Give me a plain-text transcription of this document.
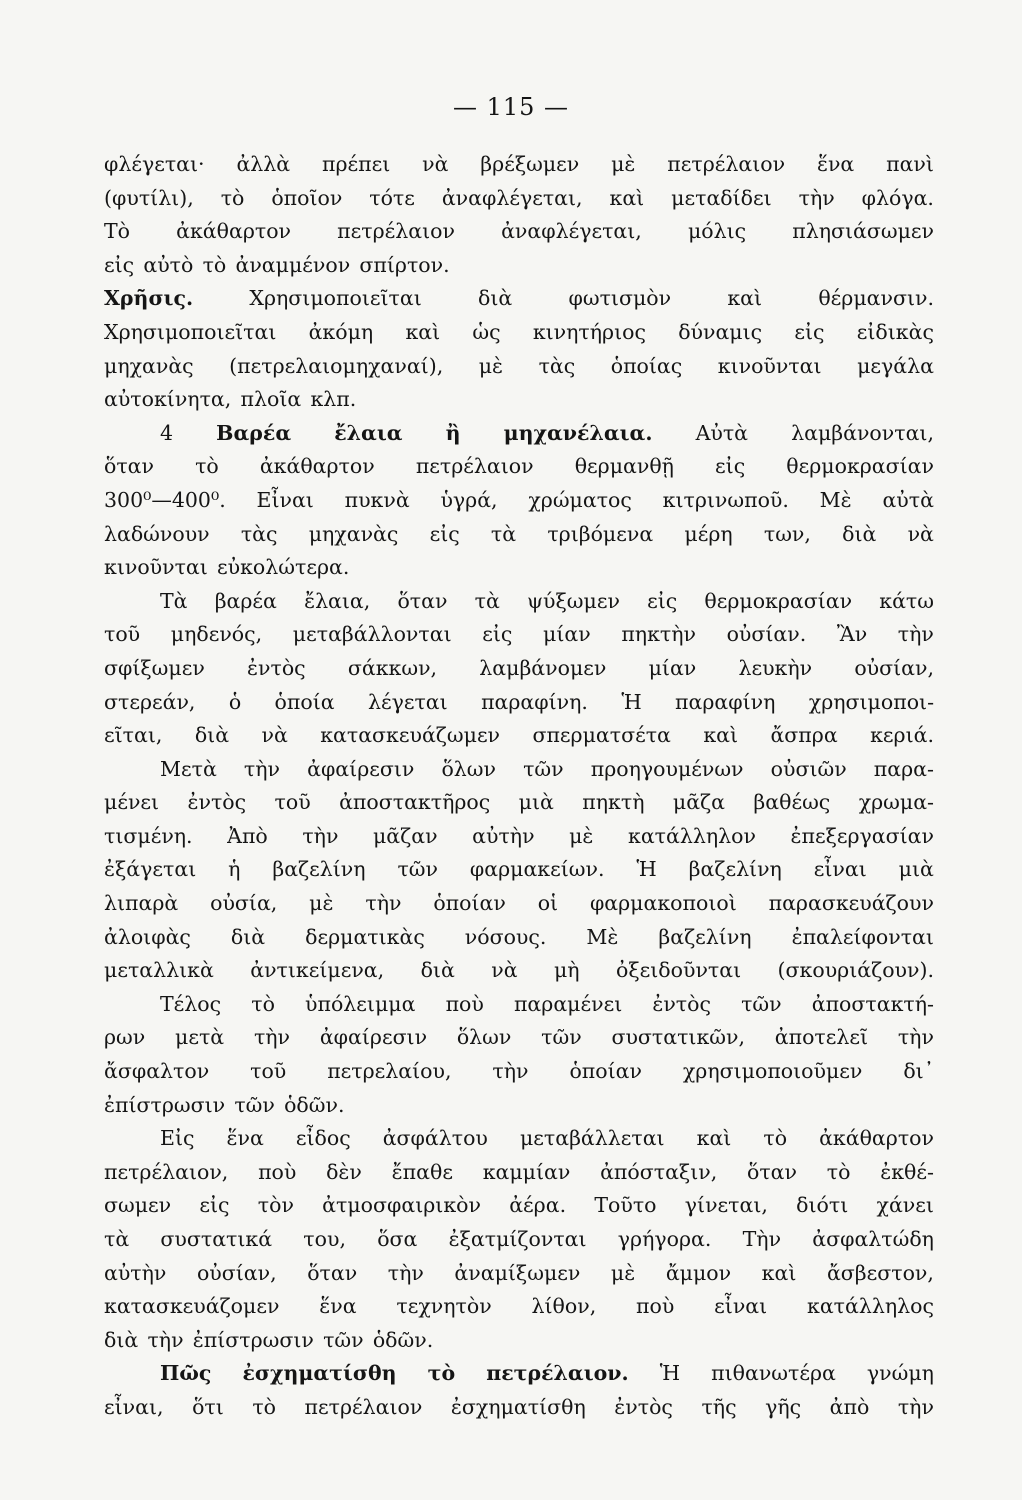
— 115 —
φλέγεται· ἀλλὰ πρέπει νὰ βρέξωμεν μὲ πετρέλαιον ἕνα πανὶ
(φυτίλι), τὸ ὁποῖον τότε ἀναφλέγεται, καὶ μεταδίδει τὴν φλόγα.
Τὸ ἀκάθαρτον πετρέλαιον ἀναφλέγεται, μόλις πλησιάσωμεν
εἰς αὐτὸ τὸ ἀναμμένον σπίρτον.
Χρῆσις.	Χρησιμοποιεῖται	διὰ	φωτισμὸν	καὶ	θέρμανσιν.
Χρησιμοποιεῖται ἀκόμη καὶ ὡς κινητήριος δύναμις εἰς εἰδικὰς
μηχανὰς (πετρελαιομηχαναί), μὲ τὰς ὁποίας κινοῦνται μεγάλα
αὐτοκίνητα, πλοῖα κλπ.
4 Βαρέα ἔλαια ἢ μηχανέλαια. Αὐτὰ λαμβάνονται,
ὅταν τὸ ἀκάθαρτον πετρέλαιον θερμανθῇ εἰς θερμοκρασίαν
300⁰—400⁰. Εἶναι πυκνὰ ὑγρά, χρώματος κιτρινωποῦ. Μὲ αὐτὰ
λαδώνουν τὰς μηχανὰς εἰς τὰ τριβόμενα μέρη των, διὰ νὰ
κινοῦνται εὐκολώτερα.
Τὰ βαρέα ἔλαια, ὅταν τὰ ψύξωμεν εἰς θερμοκρασίαν κάτω
τοῦ μηδενός, μεταβάλλονται εἰς μίαν πηκτὴν οὐσίαν. Ἂν τὴν
σφίξωμεν ἐντὸς σάκκων, λαμβάνομεν μίαν λευκὴν οὐσίαν,
στερεάν, ὁ ὁποία λέγεται παραφίνη. Ἡ παραφίνη χρησιμοποι-
εῖται, διὰ νὰ κατασκευάζωμεν σπερματσέτα καὶ ἄσπρα κεριά.
Μετὰ τὴν ἀφαίρεσιν ὅλων τῶν προηγουμένων οὐσιῶν παρα-
μένει ἐντὸς τοῦ ἀποστακτῆρος μιὰ πηκτὴ μᾶζα βαθέως χρωμα-
τισμένη. Ἀπὸ τὴν μᾶζαν αὐτὴν μὲ κατάλληλον ἐπεξεργασίαν
ἐξάγεται ἡ βαζελίνη τῶν φαρμακείων. Ἡ βαζελίνη εἶναι μιὰ
λιπαρὰ οὐσία, μὲ τὴν ὁποίαν οἱ φαρμακοποιοὶ παρασκευάζουν
ἀλοιφὰς διὰ δερματικὰς νόσους. Μὲ βαζελίνη ἐπαλείφονται
μεταλλικὰ ἀντικείμενα, διὰ νὰ μὴ ὀξειδοῦνται (σκουριάζουν).
Τέλος τὸ ὑπόλειμμα ποὺ παραμένει ἐντὸς τῶν ἀποστακτή-
ρων μετὰ τὴν ἀφαίρεσιν ὅλων τῶν συστατικῶν, ἀποτελεῖ τὴν
ἄσφαλτον τοῦ πετρελαίου, τὴν ὁποίαν χρησιμοποιοῦμεν δι᾽
ἐπίστρωσιν τῶν ὁδῶν.
Εἰς ἕνα εἶδος ἀσφάλτου μεταβάλλεται καὶ τὸ ἀκάθαρτον
πετρέλαιον, ποὺ δὲν ἔπαθε καμμίαν ἀπόσταξιν, ὅταν τὸ ἐκθέ-
σωμεν εἰς τὸν ἀτμοσφαιρικὸν ἀέρα. Τοῦτο γίνεται, διότι χάνει
τὰ συστατικά του, ὅσα ἐξατμίζονται γρήγορα. Τὴν ἀσφαλτώδη
αὐτὴν οὐσίαν, ὅταν τὴν ἀναμίξωμεν μὲ ἄμμον καὶ ἄσβεστον,
κατασκευάζομεν ἕνα τεχνητὸν λίθον, ποὺ εἶναι κατάλληλος
διὰ τὴν ἐπίστρωσιν τῶν ὁδῶν.
Πῶς ἐσχηματίσθη τὸ πετρέλαιον. Ἡ πιθανωτέρα γνώμη
εἶναι, ὅτι τὸ πετρέλαιον ἐσχηματίσθη ἐντὸς τῆς γῆς ἀπὸ τὴν
